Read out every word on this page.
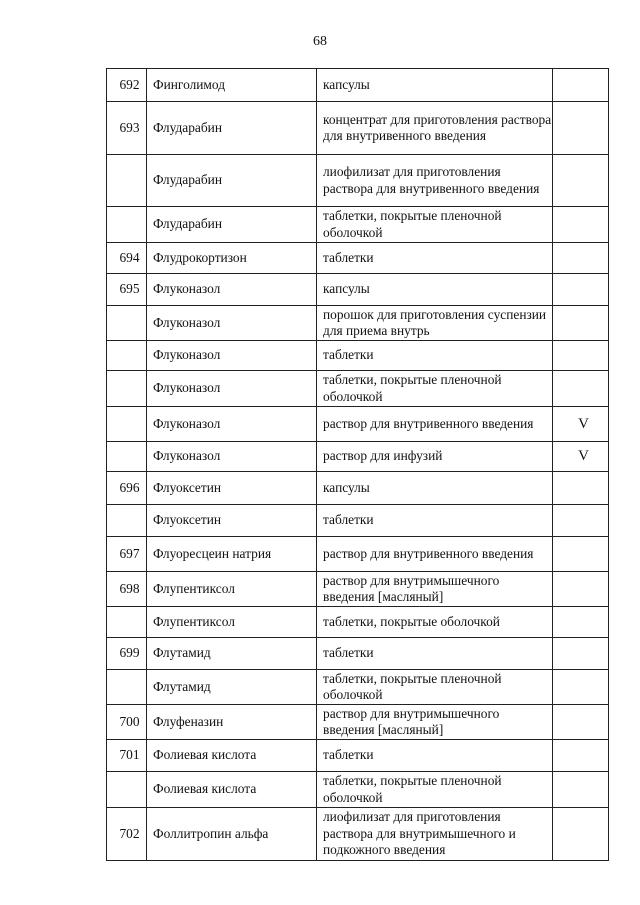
68
692	Финголимод	капсулы	
693	Флударабин	концентрат для приготовления раствора для внутривенного введения	
	Флударабин	лиофилизат для приготовления раствора для внутривенного введения	
	Флударабин	таблетки, покрытые пленочной оболочкой	
694	Флудрокортизон	таблетки	
695	Флуконазол	капсулы	
	Флуконазол	порошок для приготовления суспензии для приема внутрь	
	Флуконазол	таблетки	
	Флуконазол	таблетки, покрытые пленочной оболочкой	
	Флуконазол	раствор для внутривенного введения	V
	Флуконазол	раствор для инфузий	V
696	Флуоксетин	капсулы	
	Флуоксетин	таблетки	
697	Флуоресцеин натрия	раствор для внутривенного введения	
698	Флупентиксол	раствор для внутримышечного введения [масляный]	
	Флупентиксол	таблетки, покрытые оболочкой	
699	Флутамид	таблетки	
	Флутамид	таблетки, покрытые пленочной оболочкой	
700	Флуфеназин	раствор для внутримышечного введения [масляный]	
701	Фолиевая кислота	таблетки	
	Фолиевая кислота	таблетки, покрытые пленочной оболочкой	
702	Фоллитропин альфа	лиофилизат для приготовления раствора для внутримышечного и подкожного введения	
